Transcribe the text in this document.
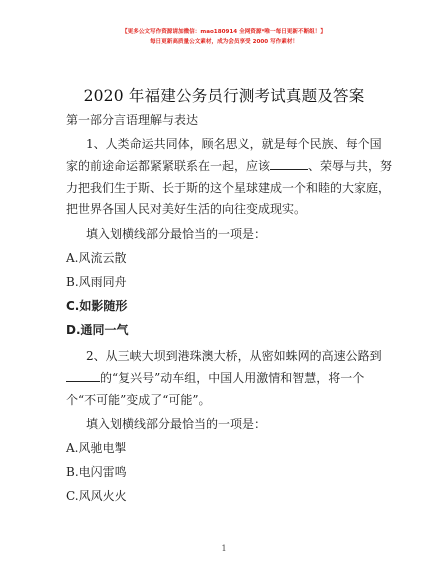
【更多公文写作资源请加微信：mao180914 全网资源*唯一每日更新不断组！】
每日更新高质量公文素材，成为会员享受 2000 写作素材！
2020 年福建公务员行测考试真题及答案
第一部分言语理解与表达
1、人类命运共同体，顾名思义，就是每个民族、每个国
家的前途命运都紧紧联系在一起，应该	、荣辱与共，努
力把我们生于斯、长于斯的这个星球建成一个和睦的大家庭，
把世界各国人民对美好生活的向往变成现实。
填入划横线部分最恰当的一项是：
A.风流云散
B.风雨同舟
C.如影随形
D.通同一气
2、从三峡大坝到港珠澳大桥，从密如蛛网的高速公路到
的“复兴号”动车组，中国人用激情和智慧，将一个
个“不可能”变成了“可能”。
填入划横线部分最恰当的一项是：
A.风驰电掣
B.电闪雷鸣
C.风风火火
1
